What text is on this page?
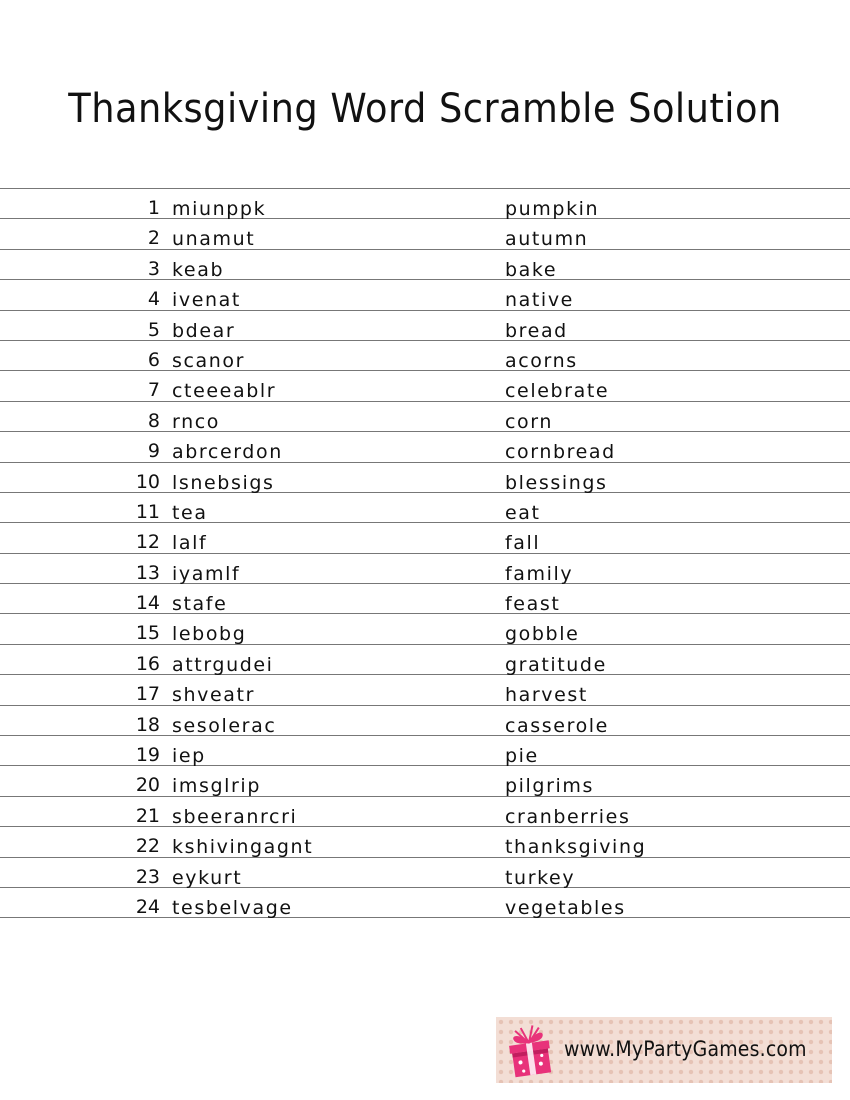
Thanksgiving Word Scramble Solution
1 miunppk	pumpkin
2 unamut	autumn
3 keab	bake
4 ivenat	native
5 bdear	bread
6 scanor	acorns
7 cteeeablr	celebrate
8 rnco	corn
9 abrcerdon	cornbread
10 lsnebsigs	blessings
11 tea	eat
12 lalf	fall
13 iyamlf	family
14 stafe	feast
15 lebobg	gobble
16 attrgudei	gratitude
17 shveatr	harvest
18 sesolerac	casserole
19 iep	pie
20 imsglrip	pilgrims
21 sbeeranrcri	cranberries
22 kshivingagnt	thanksgiving
23 eykurt	turkey
24 tesbelvage	vegetables
www.MyPartyGames.com
